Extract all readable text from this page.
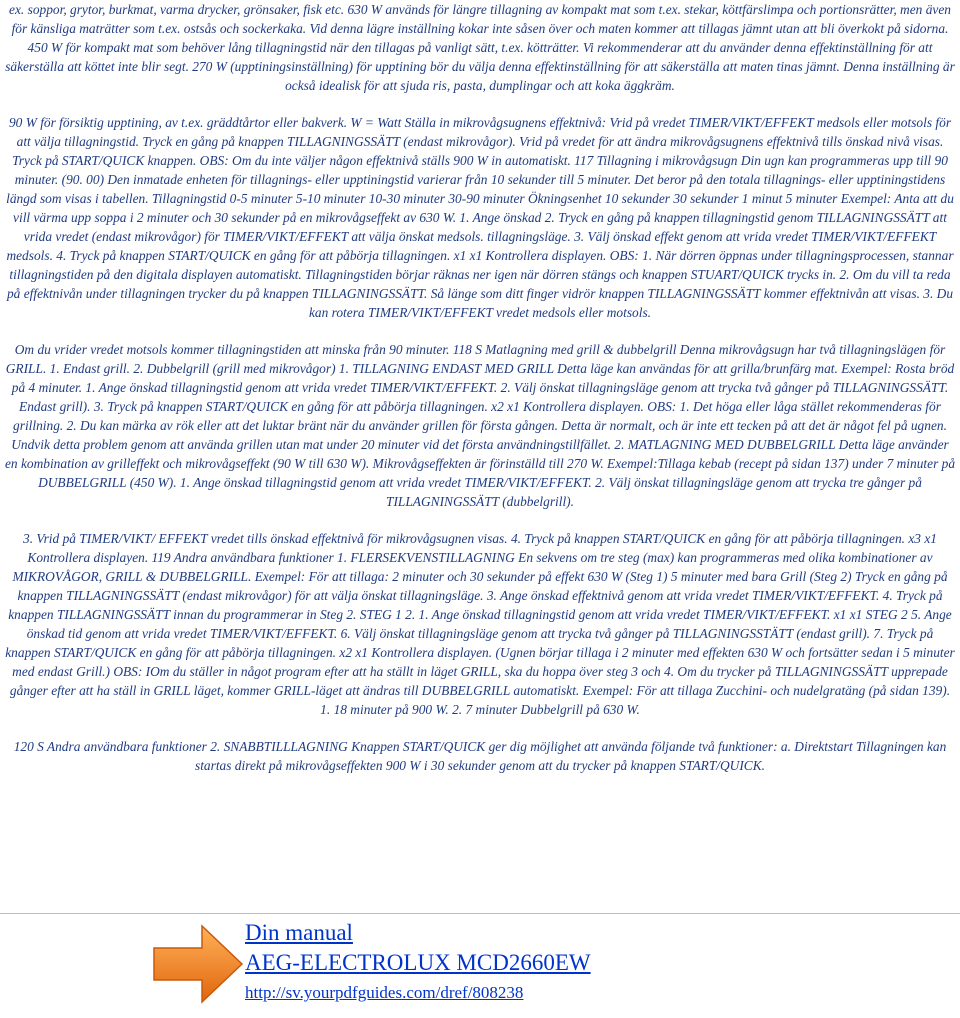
ex. soppor, grytor, burkmat, varma drycker, grönsaker, fisk etc. 630 W används för längre tillagning av kompakt mat som t.ex. stekar, köttfärslimpa och portionsrätter, men även för känsliga maträtter som t.ex. ostsås och sockerkaka. Vid denna lägre inställning kokar inte såsen över och maten kommer att tillagas jämnt utan att bli överkokt på sidorna. 450 W för kompakt mat som behöver lång tillagningstid när den tillagas på vanligt sätt, t.ex. kötträtter. Vi rekommenderar att du använder denna effektinställning för att säkerställa att köttet inte blir segt. 270 W (upptiningsinställning) för upptining bör du välja denna effektinställning för att säkerställa att maten tinas jämnt. Denna inställning är också idealisk för att sjuda ris, pasta, dumplingar och att koka äggkräm.

90 W för försiktig upptining, av t.ex. gräddtårtor eller bakverk. W = Watt Ställa in mikrovågsugnens effektnivå: Vrid på vredet TIMER/VIKT/EFFEKT medsols eller motsols för att välja tillagningstid. Tryck en gång på knappen TILLAGNINGSSÄTT (endast mikrovågor). Vrid på vredet för att ändra mikrovågsugnens effektnivå tills önskad nivå visas. Tryck på START/QUICK knappen. OBS: Om du inte väljer någon effektnivå ställs 900 W in automatiskt. 117 Tillagning i mikrovågsugn Din ugn kan programmeras upp till 90 minuter. (90. 00) Den inmatade enheten för tillagnings- eller upptiningstid varierar från 10 sekunder till 5 minuter. Det beror på den totala tillagnings- eller upptiningstidens längd som visas i tabellen. Tillagningstid 0-5 minuter 5-10 minuter 10-30 minuter 30-90 minuter Ökningsenhet 10 sekunder 30 sekunder 1 minut 5 minuter Exempel: Anta att du vill värma upp soppa i 2 minuter och 30 sekunder på en mikrovågseffekt av 630 W. 1. Ange önskad 2. Tryck en gång på knappen tillagningstid genom TILLAGNINGSSÄTT att vrida vredet (endast mikrovågor) för TIMER/VIKT/EFFEKT att välja önskat medsols. tillagningsläge. 3. Välj önskad effekt genom att vrida vredet TIMER/VIKT/EFFEKT medsols. 4. Tryck på knappen START/QUICK en gång för att påbörja tillagningen. x1 x1 Kontrollera displayen. OBS: 1. När dörren öppnas under tillagningsprocessen, stannar tillagningstiden på den digitala displayen automatiskt. Tillagningstiden börjar räknas ner igen när dörren stängs och knappen STUART/QUICK trycks in. 2. Om du vill ta reda på effektnivån under tillagningen trycker du på knappen TILLAGNINGSSÄTT. Så länge som ditt finger vidrör knappen TILLAGNINGSSÄTT kommer effektnivån att visas. 3. Du kan rotera TIMER/VIKT/EFFEKT vredet medsols eller motsols.

Om du vrider vredet motsols kommer tillagningstiden att minska från 90 minuter. 118 S Matlagning med grill & dubbelgrill Denna mikrovågsugn har två tillagningslägen för GRILL. 1. Endast grill. 2. Dubbelgrill (grill med mikrovågor) 1. TILLAGNING ENDAST MED GRILL Detta läge kan användas för att grilla/brunfärg mat. Exempel: Rosta bröd på 4 minuter. 1. Ange önskad tillagningstid genom att vrida vredet TIMER/VIKT/EFFEKT. 2. Välj önskat tillagningsläge genom att trycka två gånger på TILLAGNINGSSÄTT. Endast grill). 3. Tryck på knappen START/QUICK en gång för att påbörja tillagningen. x2 x1 Kontrollera displayen. OBS: 1. Det höga eller låga stället rekommenderas för grillning. 2. Du kan märka av rök eller att det luktar bränt när du använder grillen för första gången. Detta är normalt, och är inte ett tecken på att det är något fel på ugnen. Undvik detta problem genom att använda grillen utan mat under 20 minuter vid det första användningstillfället. 2. MATLAGNING MED DUBBELGRILL Detta läge använder en kombination av grilleffekt och mikrovågseffekt (90 W till 630 W). Mikrovågseffekten är förinställd till 270 W. Exempel:Tillaga kebab (recept på sidan 137) under 7 minuter på DUBBELGRILL (450 W). 1. Ange önskad tillagningstid genom att vrida vredet TIMER/VIKT/EFFEKT. 2. Välj önskat tillagningsläge genom att trycka tre gånger på TILLAGNINGSSÄTT (dubbelgrill).

3. Vrid på TIMER/VIKT/ EFFEKT vredet tills önskad effektnivå för mikrovågsugnen visas. 4. Tryck på knappen START/QUICK en gång för att påbörja tillagningen. x3 x1 Kontrollera displayen. 119 Andra användbara funktioner 1. FLERSEKVENSTILLAGNING En sekvens om tre steg (max) kan programmeras med olika kombinationer av MIKROVÅGOR, GRILL & DUBBELGRILL. Exempel: För att tillaga: 2 minuter och 30 sekunder på effekt 630 W (Steg 1) 5 minuter med bara Grill (Steg 2) Tryck en gång på knappen TILLAGNINGSSÄTT (endast mikrovågor) för att välja önskat tillagningsläge. 3. Ange önskad effektnivå genom att vrida vredet TIMER/VIKT/EFFEKT. 4. Tryck på knappen TILLAGNINGSSÄTT innan du programmerar in Steg 2. STEG 1 2. 1. Ange önskad tillagningstid genom att vrida vredet TIMER/VIKT/EFFEKT. x1 x1 STEG 2 5. Ange önskad tid genom att vrida vredet TIMER/VIKT/EFFEKT. 6. Välj önskat tillagningsläge genom att trycka två gånger på TILLAGNINGSSTÄTT (endast grill). 7. Tryck på knappen START/QUICK en gång för att påbörja tillagningen. x2 x1 Kontrollera displayen. (Ugnen börjar tillaga i 2 minuter med effekten 630 W och fortsätter sedan i 5 minuter med endast Grill.) OBS: IOm du ställer in något program efter att ha ställt in läget GRILL, ska du hoppa över steg 3 och 4. Om du trycker på TILLAGNINGSSÄTT upprepade gånger efter att ha ställ in GRILL läget, kommer GRILL-läget att ändras till DUBBELGRILL automatiskt. Exempel: För att tillaga Zucchini- och nudelgratäng (på sidan 139). 1. 18 minuter på 900 W. 2. 7 minuter Dubbelgrill på 630 W.

120 S Andra användbara funktioner 2. SNABBTILLLAGNING Knappen START/QUICK ger dig möjlighet att använda följande två funktioner: a. Direktstart Tillagningen kan startas direkt på mikrovågseffekten 900 W i 30 sekunder genom att du trycker på knappen START/QUICK.

Din manual
AEG-ELECTROLUX MCD2660EW
http://sv.yourpdfguides.com/dref/808238
